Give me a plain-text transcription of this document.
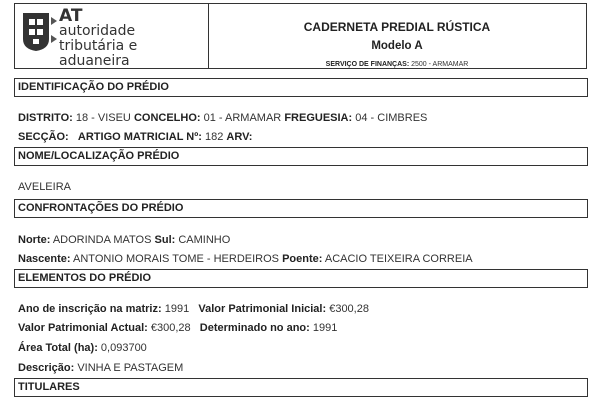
AT
autoridade
tributária e aduaneira
CADERNETA PREDIAL RÚSTICA
Modelo A
SERVIÇO DE FINANÇAS: 2500 - ARMAMAR
IDENTIFICAÇÃO DO PRÉDIO
DISTRITO: 18 - VISEU CONCELHO: 01 - ARMAMAR FREGUESIA: 04 - CIMBRES
SECÇÃO: ARTIGO MATRICIAL Nº: 182 ARV:
NOME/LOCALIZAÇÃO PRÉDIO
AVELEIRA
CONFRONTAÇÕES DO PRÉDIO
Norte: ADORINDA MATOS Sul: CAMINHO
Nascente: ANTONIO MORAIS TOME - HERDEIROS Poente: ACACIO TEIXEIRA CORREIA
ELEMENTOS DO PRÉDIO
Ano de inscrição na matriz: 1991 Valor Patrimonial Inicial: €300,28
Valor Patrimonial Actual: €300,28 Determinado no ano: 1991
Área Total (ha): 0,093700
Descrição: VINHA E PASTAGEM
TITULARES
